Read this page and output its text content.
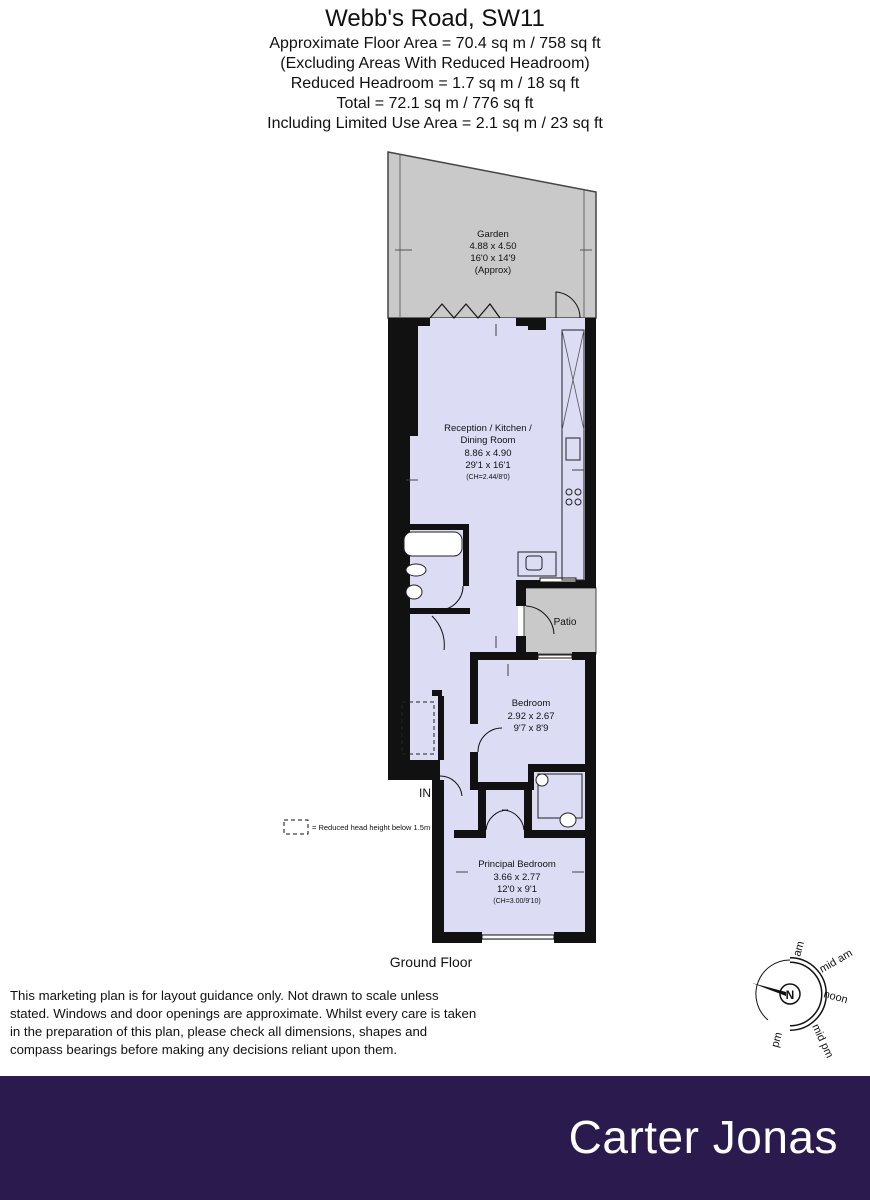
Webb's Road, SW11
Approximate Floor Area = 70.4 sq m / 758 sq ft
(Excluding Areas With Reduced Headroom)
Reduced Headroom = 1.7 sq m / 18 sq ft
Total = 72.1 sq m / 776 sq ft
Including Limited Use Area = 2.1 sq m / 23 sq ft
Garden
4.88 x 4.50
16'0 x 14'9
(Approx)
Reception / Kitchen /
Dining Room
8.86 x 4.90
29'1 x 16'1
(CH=2.44/8'0)
Patio
Bedroom
2.92 x 2.67
9'7 x 8'9
Principal Bedroom
3.66 x 2.77
12'0 x 9'1
(CH=3.00/9'10)
IN
= Reduced head height below 1.5m
Ground Floor
N
am mid am
noon
mid pm
pm
This marketing plan is for layout guidance only. Not drawn to scale unless stated. Windows and door openings are approximate. Whilst every care is taken in the preparation of this plan, please check all dimensions, shapes and compass bearings before making any decisions reliant upon them.
Carter Jonas
